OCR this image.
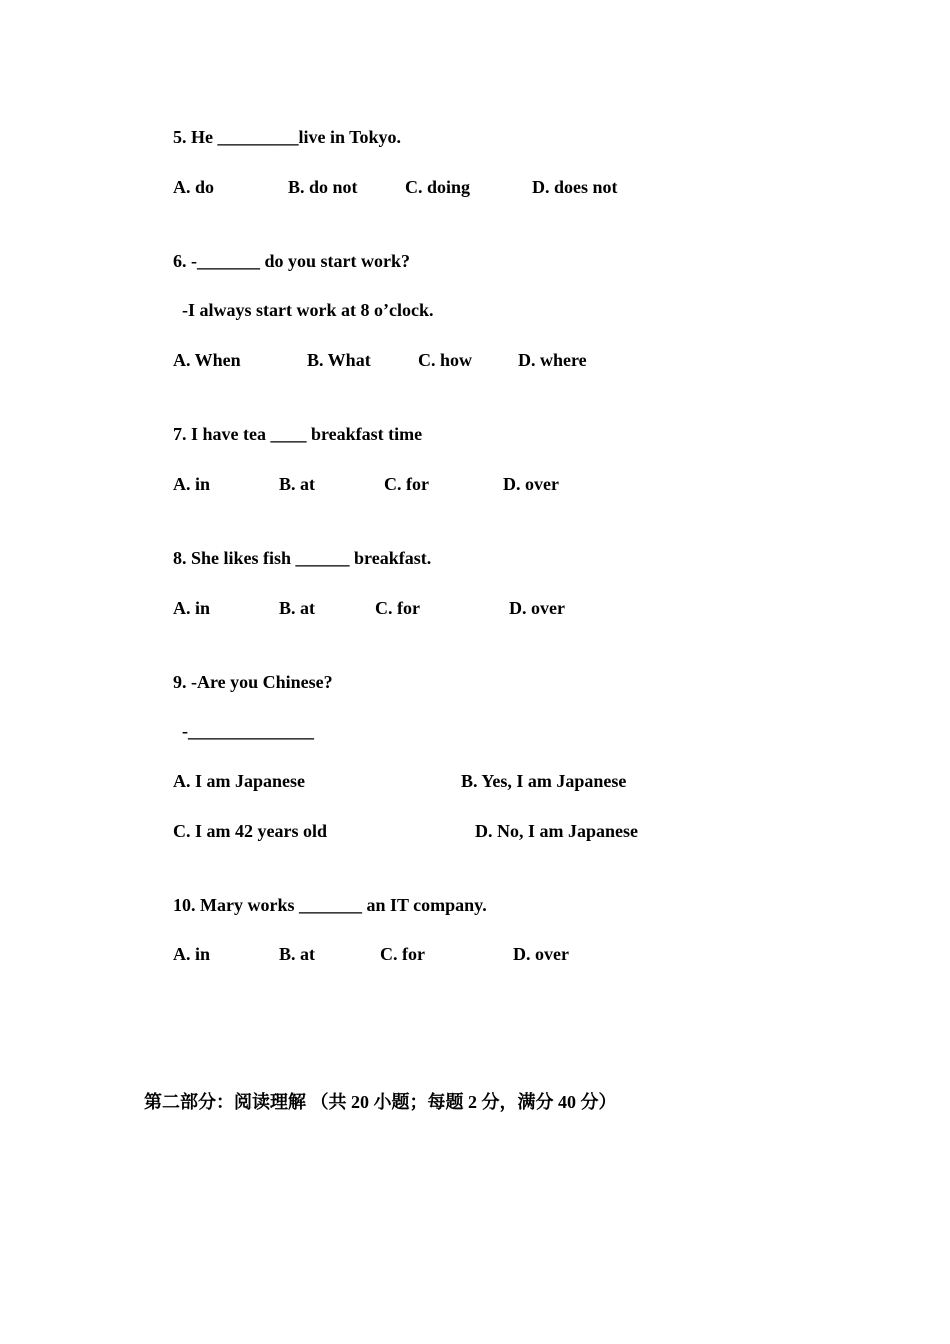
5. He _________live in Tokyo.
A. do	B. do not	C. doing	D. does not
6. -_______ do you start work?
-I always start work at 8 o’clock.
A. When	B. What	C. how	D. where
7. I have tea ____ breakfast time
A. in	B. at	C. for	D. over
8. She likes fish ______ breakfast.
A. in	B. at	C. for	D. over
9. -Are you Chinese?
-______________
A. I am Japanese	B. Yes, I am Japanese
C. I am 42 years old	D. No, I am Japanese
10. Mary works _______ an IT company.
A. in	B. at	C. for	D. over
第二部分：阅读理解 （共 20 小题；每题 2 分，满分 40 分）
